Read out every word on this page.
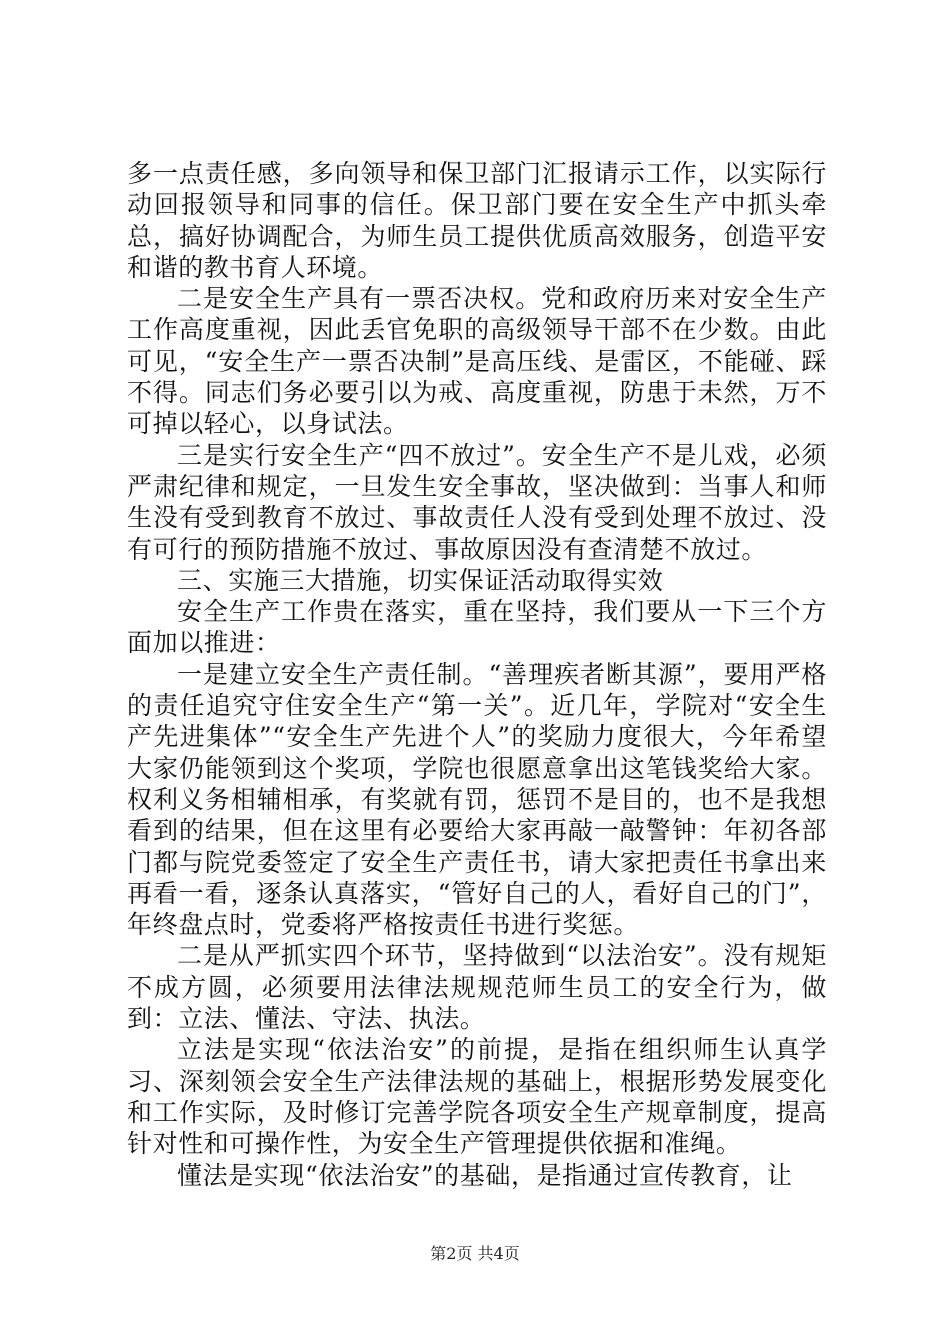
多一点责任感，多向领导和保卫部门汇报请示工作，以实际行动回报领导和同事的信任。保卫部门要在安全生产中抓头牵总，搞好协调配合，为师生员工提供优质高效服务，创造平安和谐的教书育人环境。

二是安全生产具有一票否决权。党和政府历来对安全生产工作高度重视，因此丢官免职的高级领导干部不在少数。由此可见，“安全生产一票否决制”是高压线、是雷区，不能碰、踩不得。同志们务必要引以为戒、高度重视，防患于未然，万不可掉以轻心，以身试法。

三是实行安全生产“四不放过”。安全生产不是儿戏，必须严肃纪律和规定，一旦发生安全事故，坚决做到：当事人和师生没有受到教育不放过、事故责任人没有受到处理不放过、没有可行的预防措施不放过、事故原因没有查清楚不放过。

三、实施三大措施，切实保证活动取得实效

安全生产工作贵在落实，重在坚持，我们要从一下三个方面加以推进：

一是建立安全生产责任制。“善理疾者断其源”，要用严格的责任追究守住安全生产“第一关”。近几年，学院对“安全生产先进集体”“安全生产先进个人”的奖励力度很大，今年希望大家仍能领到这个奖项，学院也很愿意拿出这笔钱奖给大家。权利义务相辅相承，有奖就有罚，惩罚不是目的，也不是我想看到的结果，但在这里有必要给大家再敲一敲警钟：年初各部门都与院党委签定了安全生产责任书，请大家把责任书拿出来再看一看，逐条认真落实，“管好自己的人，看好自己的门”，年终盘点时，党委将严格按责任书进行奖惩。

二是从严抓实四个环节，坚持做到“以法治安”。没有规矩不成方圆，必须要用法律法规规范师生员工的安全行为，做到：立法、懂法、守法、执法。

立法是实现“依法治安”的前提，是指在组织师生认真学习、深刻领会安全生产法律法规的基础上，根据形势发展变化和工作实际，及时修订完善学院各项安全生产规章制度，提高针对性和可操作性，为安全生产管理提供依据和准绳。

懂法是实现“依法治安”的基础，是指通过宣传教育，让

第2页 共4页
